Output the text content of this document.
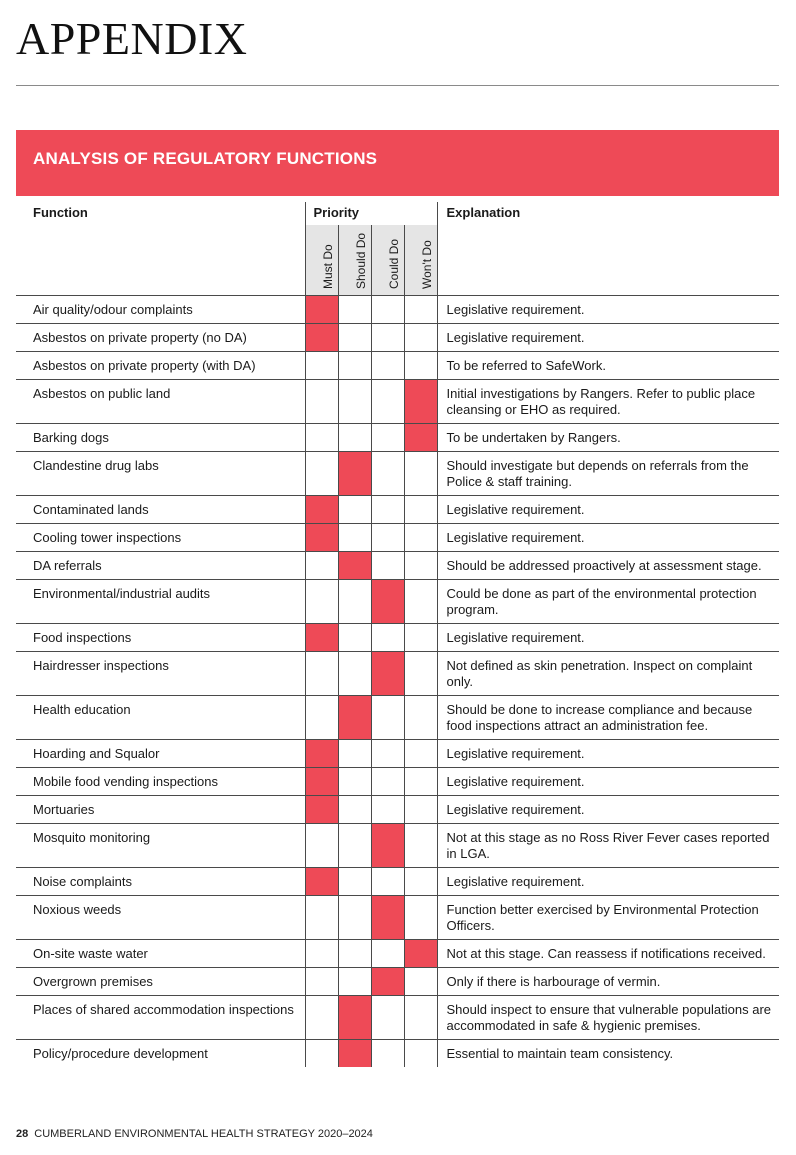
APPENDIX
ANALYSIS OF REGULATORY FUNCTIONS
Function	Priority				Explanation

	Must Do	Should Do	Could Do	Won't Do	

Air quality/odour complaints					Legislative requirement.
Asbestos on private property (no DA)					Legislative requirement.
Asbestos on private property (with DA)					To be referred to SafeWork.
Asbestos on public land					Initial investigations by Rangers. Refer to public place cleansing or EHO as required.
Barking dogs					To be undertaken by Rangers.
Clandestine drug labs					Should investigate but depends on referrals from the Police & staff training.
Contaminated lands					Legislative requirement.
Cooling tower inspections					Legislative requirement.
DA referrals					Should be addressed proactively at assessment stage.
Environmental/industrial audits					Could be done as part of the environmental protection program.
Food inspections					Legislative requirement.
Hairdresser inspections					Not defined as skin penetration. Inspect on complaint only.
Health education					Should be done to increase compliance and because food inspections attract an administration fee.
Hoarding and Squalor					Legislative requirement.
Mobile food vending inspections					Legislative requirement.
Mortuaries					Legislative requirement.
Mosquito monitoring					Not at this stage as no Ross River Fever cases reported in LGA.
Noise complaints					Legislative requirement.
Noxious weeds					Function better exercised by Environmental Protection Officers.
On-site waste water					Not at this stage. Can reassess if notifications received.
Overgrown premises					Only if there is harbourage of vermin.
Places of shared accommodation inspections					Should inspect to ensure that vulnerable populations are accommodated in safe & hygienic premises.
Policy/procedure development					Essential to maintain team consistency.
28 CUMBERLAND ENVIRONMENTAL HEALTH STRATEGY 2020–2024
